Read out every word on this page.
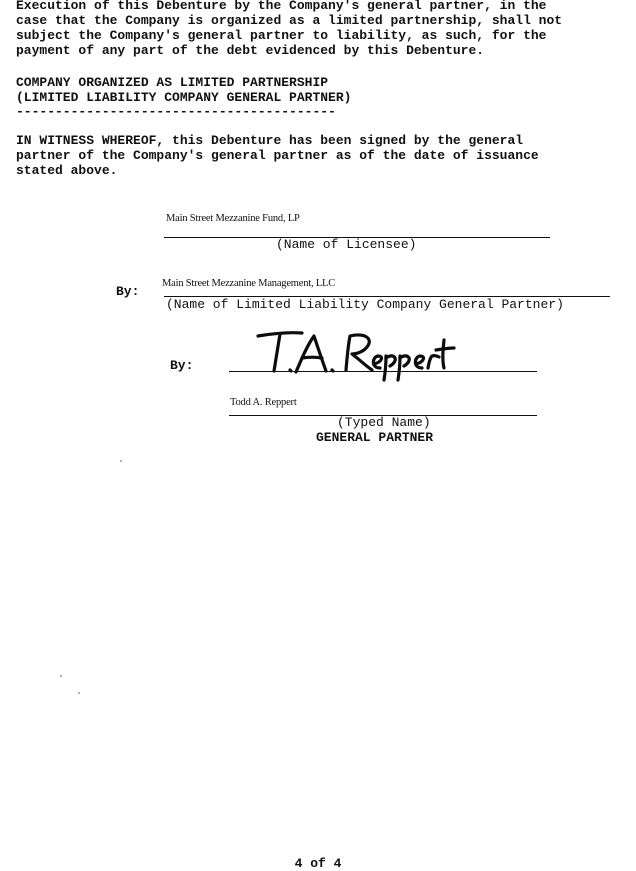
Execution of this Debenture by the Company's general partner, in the
case that the Company is organized as a limited partnership, shall not
subject the Company's general partner to liability, as such, for the
payment of any part of the debt evidenced by this Debenture.
COMPANY ORGANIZED AS LIMITED PARTNERSHIP
(LIMITED LIABILITY COMPANY GENERAL PARTNER)
-----------------------------------------
IN WITNESS WHEREOF, this Debenture has been signed by the general
partner of the Company's general partner as of the date of issuance
stated above.
Main Street Mezzanine Fund, LP
(Name of Licensee)
By:
Main Street Mezzanine Management, LLC
(Name of Limited Liability Company General Partner)
By:
Todd A. Reppert
(Typed Name)
GENERAL PARTNER
4 of 4
